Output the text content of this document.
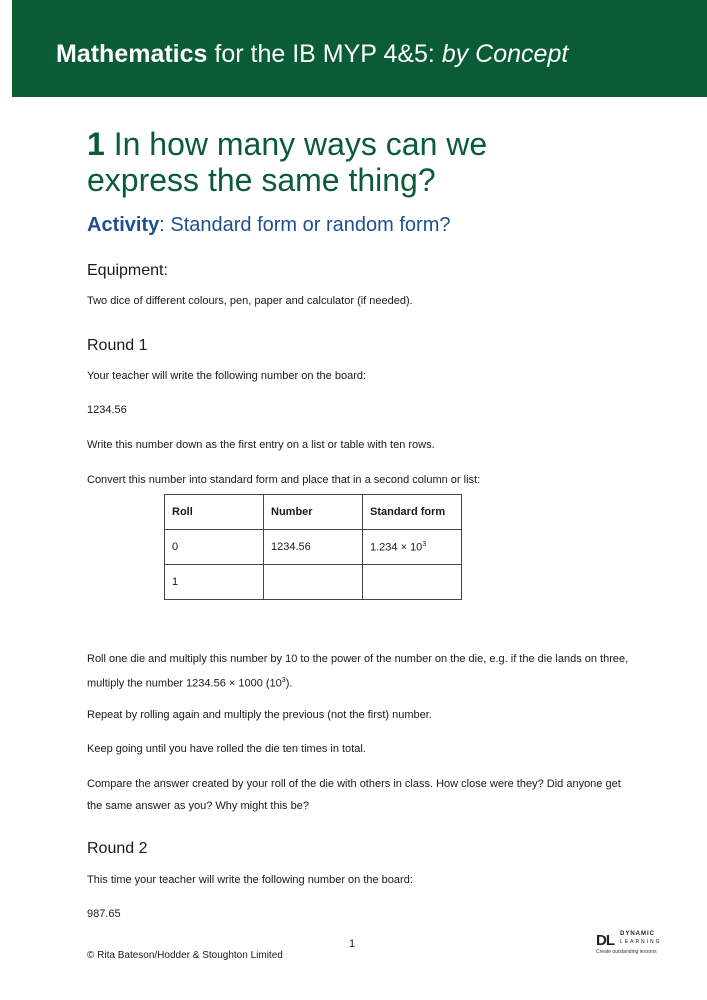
Mathematics for the IB MYP 4&5: by Concept
1 In how many ways can we express the same thing?
Activity: Standard form or random form?
Equipment:
Two dice of different colours, pen, paper and calculator (if needed).
Round 1
Your teacher will write the following number on the board:
1234.56
Write this number down as the first entry on a list or table with ten rows.
Convert this number into standard form and place that in a second column or list:
Roll	Number	Standard form
0	1234.56	$1.234 \times 10^3$
1		
Roll one die and multiply this number by 10 to the power of the number on the die, e.g. if the die lands on three, multiply the number 1234.56 × 1000 $(10^3)$.
Repeat by rolling again and multiply the previous (not the first) number.
Keep going until you have rolled the die ten times in total.
Compare the answer created by your roll of the die with others in class. How close were they? Did anyone get the same answer as you? Why might this be?
Round 2
This time your teacher will write the following number on the board:
987.65
1
© Rita Bateson/Hodder & Stoughton Limited
DL DYNAMIC
LEARNING
Create outstanding lessons
